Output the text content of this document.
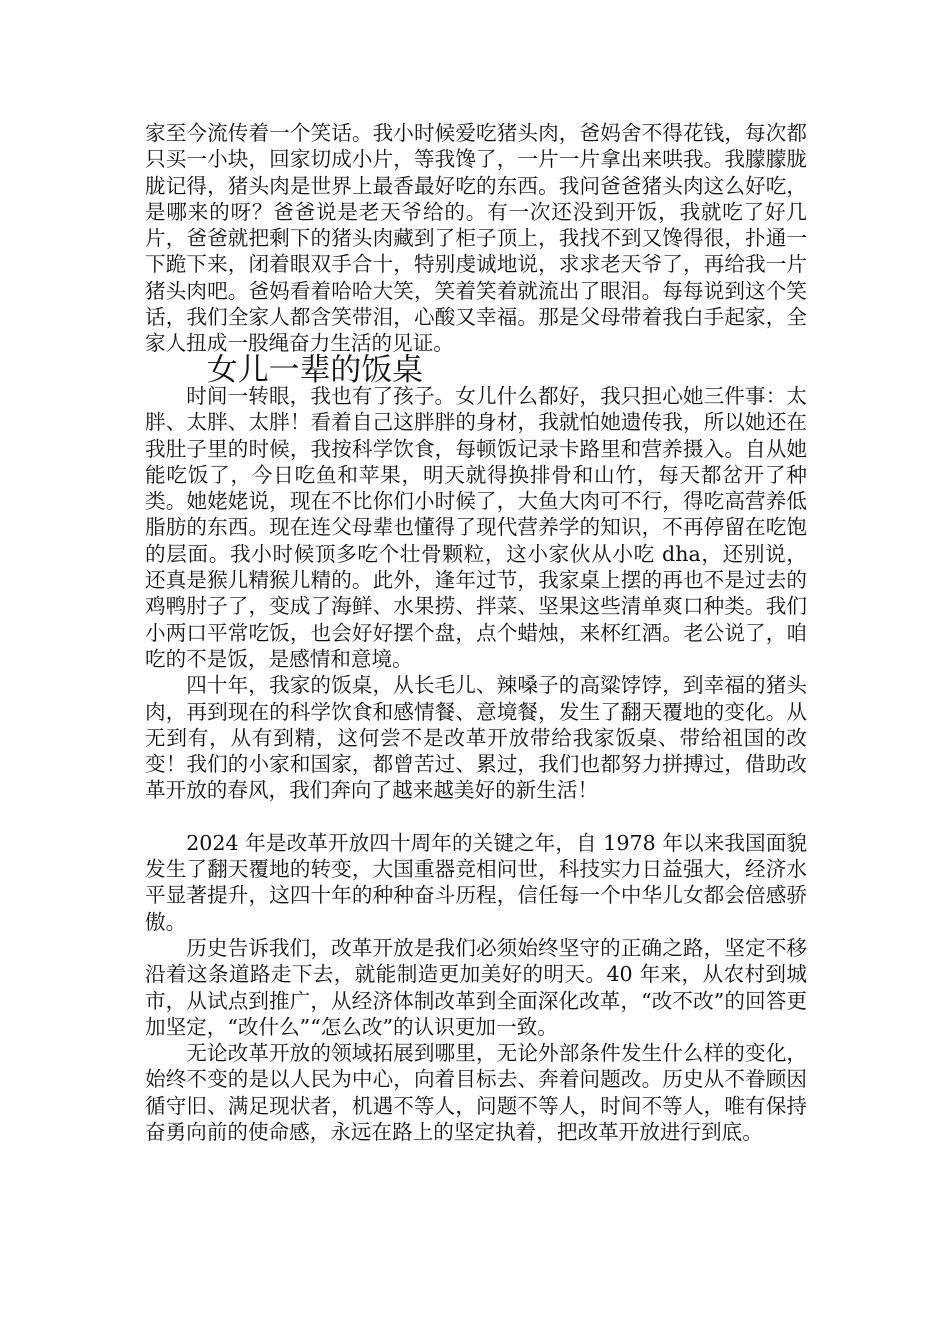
家至今流传着一个笑话。我小时候爱吃猪头肉，爸妈舍不得花钱，每次都只买一小块，回家切成小片，等我馋了，一片一片拿出来哄我。我朦朦胧胧记得，猪头肉是世界上最香最好吃的东西。我问爸爸猪头肉这么好吃，是哪来的呀？爸爸说是老天爷给的。有一次还没到开饭，我就吃了好几片，爸爸就把剩下的猪头肉藏到了柜子顶上，我找不到又馋得很，扑通一下跪下来，闭着眼双手合十，特别虔诚地说，求求老天爷了，再给我一片猪头肉吧。爸妈看着哈哈大笑，笑着笑着就流出了眼泪。每每说到这个笑话，我们全家人都含笑带泪，心酸又幸福。那是父母带着我白手起家，全家人扭成一股绳奋力生活的见证。

女儿一辈的饭桌

时间一转眼，我也有了孩子。女儿什么都好，我只担心她三件事：太胖、太胖、太胖！看着自己这胖胖的身材，我就怕她遗传我，所以她还在我肚子里的时候，我按科学饮食，每顿饭记录卡路里和营养摄入。自从她能吃饭了，今日吃鱼和苹果，明天就得换排骨和山竹，每天都岔开了种类。她姥姥说，现在不比你们小时候了，大鱼大肉可不行，得吃高营养低脂肪的东西。现在连父母辈也懂得了现代营养学的知识，不再停留在吃饱的层面。我小时候顶多吃个壮骨颗粒，这小家伙从小吃 dha，还别说，还真是猴儿精猴儿精的。此外，逢年过节，我家桌上摆的再也不是过去的鸡鸭肘子了，变成了海鲜、水果捞、拌菜、坚果这些清单爽口种类。我们小两口平常吃饭，也会好好摆个盘，点个蜡烛，来杯红酒。老公说了，咱吃的不是饭，是感情和意境。

四十年，我家的饭桌，从长毛儿、辣嗓子的高粱饽饽，到幸福的猪头肉，再到现在的科学饮食和感情餐、意境餐，发生了翻天覆地的变化。从无到有，从有到精，这何尝不是改革开放带给我家饭桌、带给祖国的改变！我们的小家和国家，都曾苦过、累过，我们也都努力拼搏过，借助改革开放的春风，我们奔向了越来越美好的新生活！

2024 年是改革开放四十周年的关键之年，自 1978 年以来我国面貌发生了翻天覆地的转变，大国重器竞相问世，科技实力日益强大，经济水平显著提升，这四十年的种种奋斗历程，信任每一个中华儿女都会倍感骄傲。

历史告诉我们，改革开放是我们必须始终坚守的正确之路，坚定不移沿着这条道路走下去，就能制造更加美好的明天。40 年来，从农村到城市，从试点到推广，从经济体制改革到全面深化改革，“改不改”的回答更加坚定，“改什么”“怎么改”的认识更加一致。

无论改革开放的领域拓展到哪里，无论外部条件发生什么样的变化，始终不变的是以人民为中心，向着目标去、奔着问题改。历史从不眷顾因循守旧、满足现状者，机遇不等人，问题不等人，时间不等人，唯有保持奋勇向前的使命感，永远在路上的坚定执着，把改革开放进行到底。
